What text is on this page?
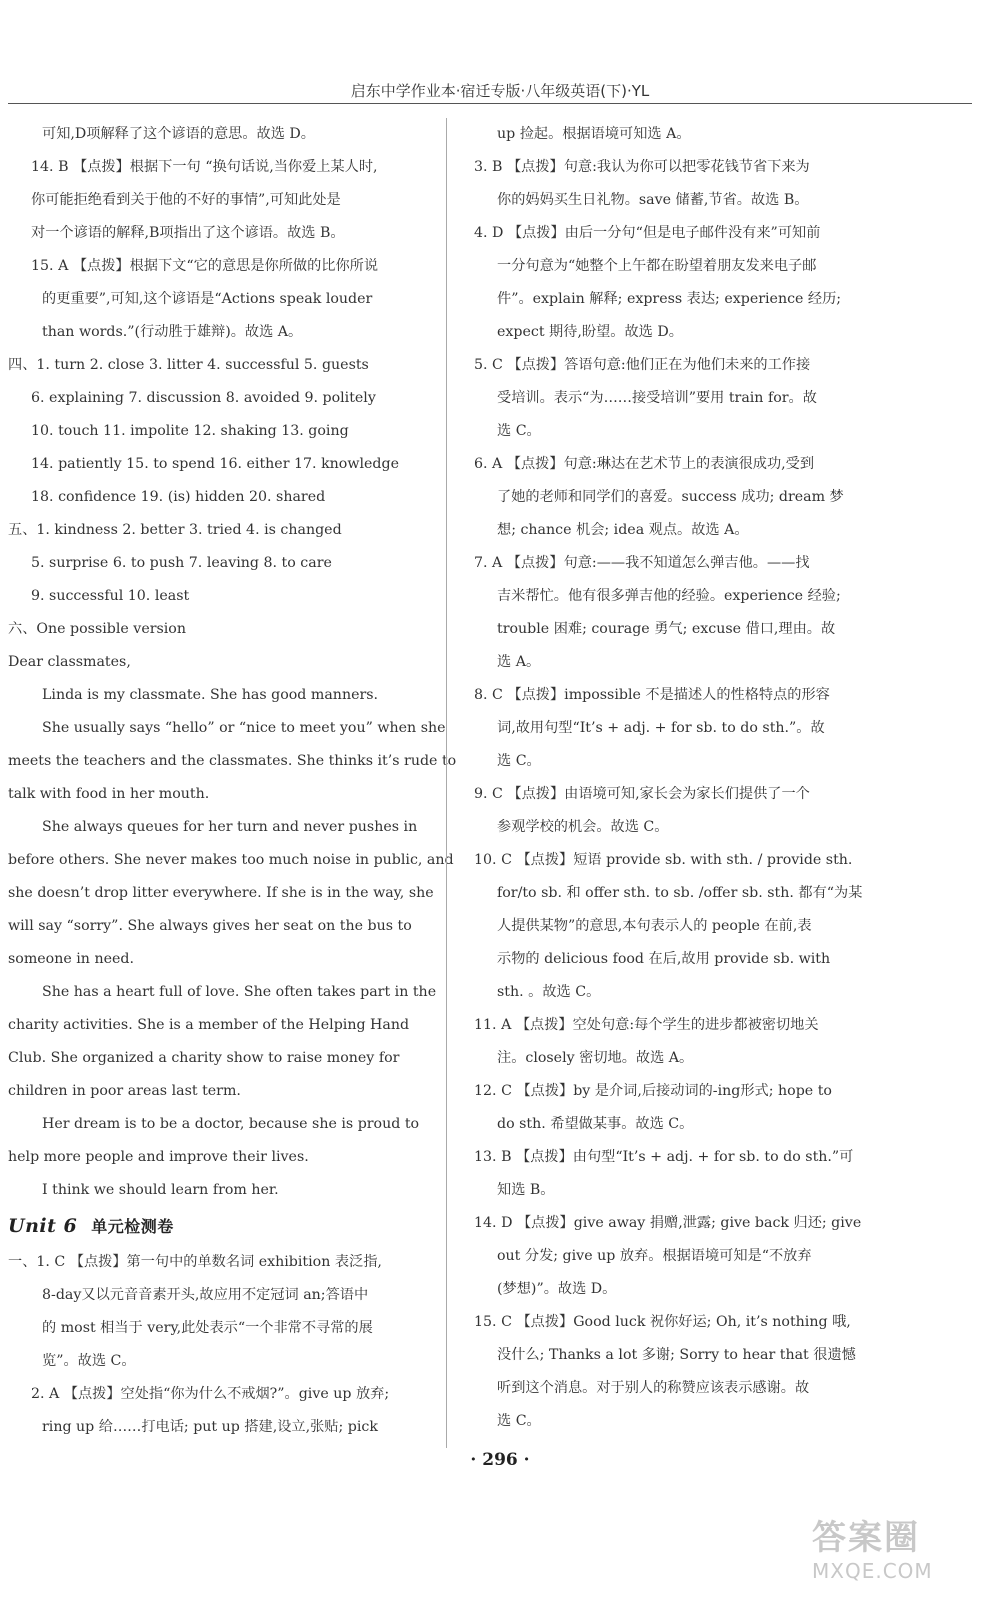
启东中学作业本·宿迁专版·八年级英语(下)·YL
可知,D项解释了这个谚语的意思。故选 D。
14. B 【点拨】根据下一句 “换句话说,当你爱上某人时,
你可能拒绝看到关于他的不好的事情”,可知此处是
对一个谚语的解释,B项指出了这个谚语。故选 B。
15. A 【点拨】根据下文“它的意思是你所做的比你所说
的更重要”,可知,这个谚语是“Actions speak louder
than words.”(行动胜于雄辩)。故选 A。
四、1. turn 2. close 3. litter 4. successful 5. guests
6. explaining 7. discussion 8. avoided 9. politely
10. touch 11. impolite 12. shaking 13. going
14. patiently 15. to spend 16. either 17. knowledge
18. confidence 19. (is) hidden 20. shared
五、1. kindness 2. better 3. tried 4. is changed
5. surprise 6. to push 7. leaving 8. to care
9. successful 10. least
六、One possible version
Dear classmates,
Linda is my classmate. She has good manners.
She usually says “hello” or “nice to meet you” when she
meets the teachers and the classmates. She thinks it’s rude to
talk with food in her mouth.
She always queues for her turn and never pushes in
before others. She never makes too much noise in public, and
she doesn’t drop litter everywhere. If she is in the way, she
will say “sorry”. She always gives her seat on the bus to
someone in need.
She has a heart full of love. She often takes part in the
charity activities. She is a member of the Helping Hand
Club. She organized a charity show to raise money for
children in poor areas last term.
Her dream is to be a doctor, because she is proud to
help more people and improve their lives.
I think we should learn from her.
Unit 6 单元检测卷
一、1. C 【点拨】第一句中的单数名词 exhibition 表泛指,
8-day又以元音音素开头,故应用不定冠词 an;答语中
的 most 相当于 very,此处表示“一个非常不寻常的展
览”。故选 C。
2. A 【点拨】空处指“你为什么不戒烟?”。give up 放弃;
ring up 给……打电话; put up 搭建,设立,张贴; pick
up 捡起。根据语境可知选 A。
3. B 【点拨】句意:我认为你可以把零花钱节省下来为
你的妈妈买生日礼物。save 储蓄,节省。故选 B。
4. D 【点拨】由后一分句“但是电子邮件没有来”可知前
一分句意为“她整个上午都在盼望着朋友发来电子邮
件”。explain 解释; express 表达; experience 经历;
expect 期待,盼望。故选 D。
5. C 【点拨】答语句意:他们正在为他们未来的工作接
受培训。表示“为……接受培训”要用 train for。故
选 C。
6. A 【点拨】句意:琳达在艺术节上的表演很成功,受到
了她的老师和同学们的喜爱。success 成功; dream 梦
想; chance 机会; idea 观点。故选 A。
7. A 【点拨】句意:——我不知道怎么弹吉他。——找
吉米帮忙。他有很多弹吉他的经验。experience 经验;
trouble 困难; courage 勇气; excuse 借口,理由。故
选 A。
8. C 【点拨】impossible 不是描述人的性格特点的形容
词,故用句型“It’s + adj. + for sb. to do sth.”。故
选 C。
9. C 【点拨】由语境可知,家长会为家长们提供了一个
参观学校的机会。故选 C。
10. C 【点拨】短语 provide sb. with sth. / provide sth.
for/to sb. 和 offer sth. to sb. /offer sb. sth. 都有“为某
人提供某物”的意思,本句表示人的 people 在前,表
示物的 delicious food 在后,故用 provide sb. with
sth. 。故选 C。
11. A 【点拨】空处句意:每个学生的进步都被密切地关
注。closely 密切地。故选 A。
12. C 【点拨】by 是介词,后接动词的-ing形式; hope to
do sth. 希望做某事。故选 C。
13. B 【点拨】由句型“It’s + adj. + for sb. to do sth.”可
知选 B。
14. D 【点拨】give away 捐赠,泄露; give back 归还; give
out 分发; give up 放弃。根据语境可知是“不放弃
(梦想)”。故选 D。
15. C 【点拨】Good luck 祝你好运; Oh, it’s nothing 哦,
没什么; Thanks a lot 多谢; Sorry to hear that 很遗憾
听到这个消息。对于别人的称赞应该表示感谢。故
选 C。
· 296 ·
答案圈
MXQE.COM
